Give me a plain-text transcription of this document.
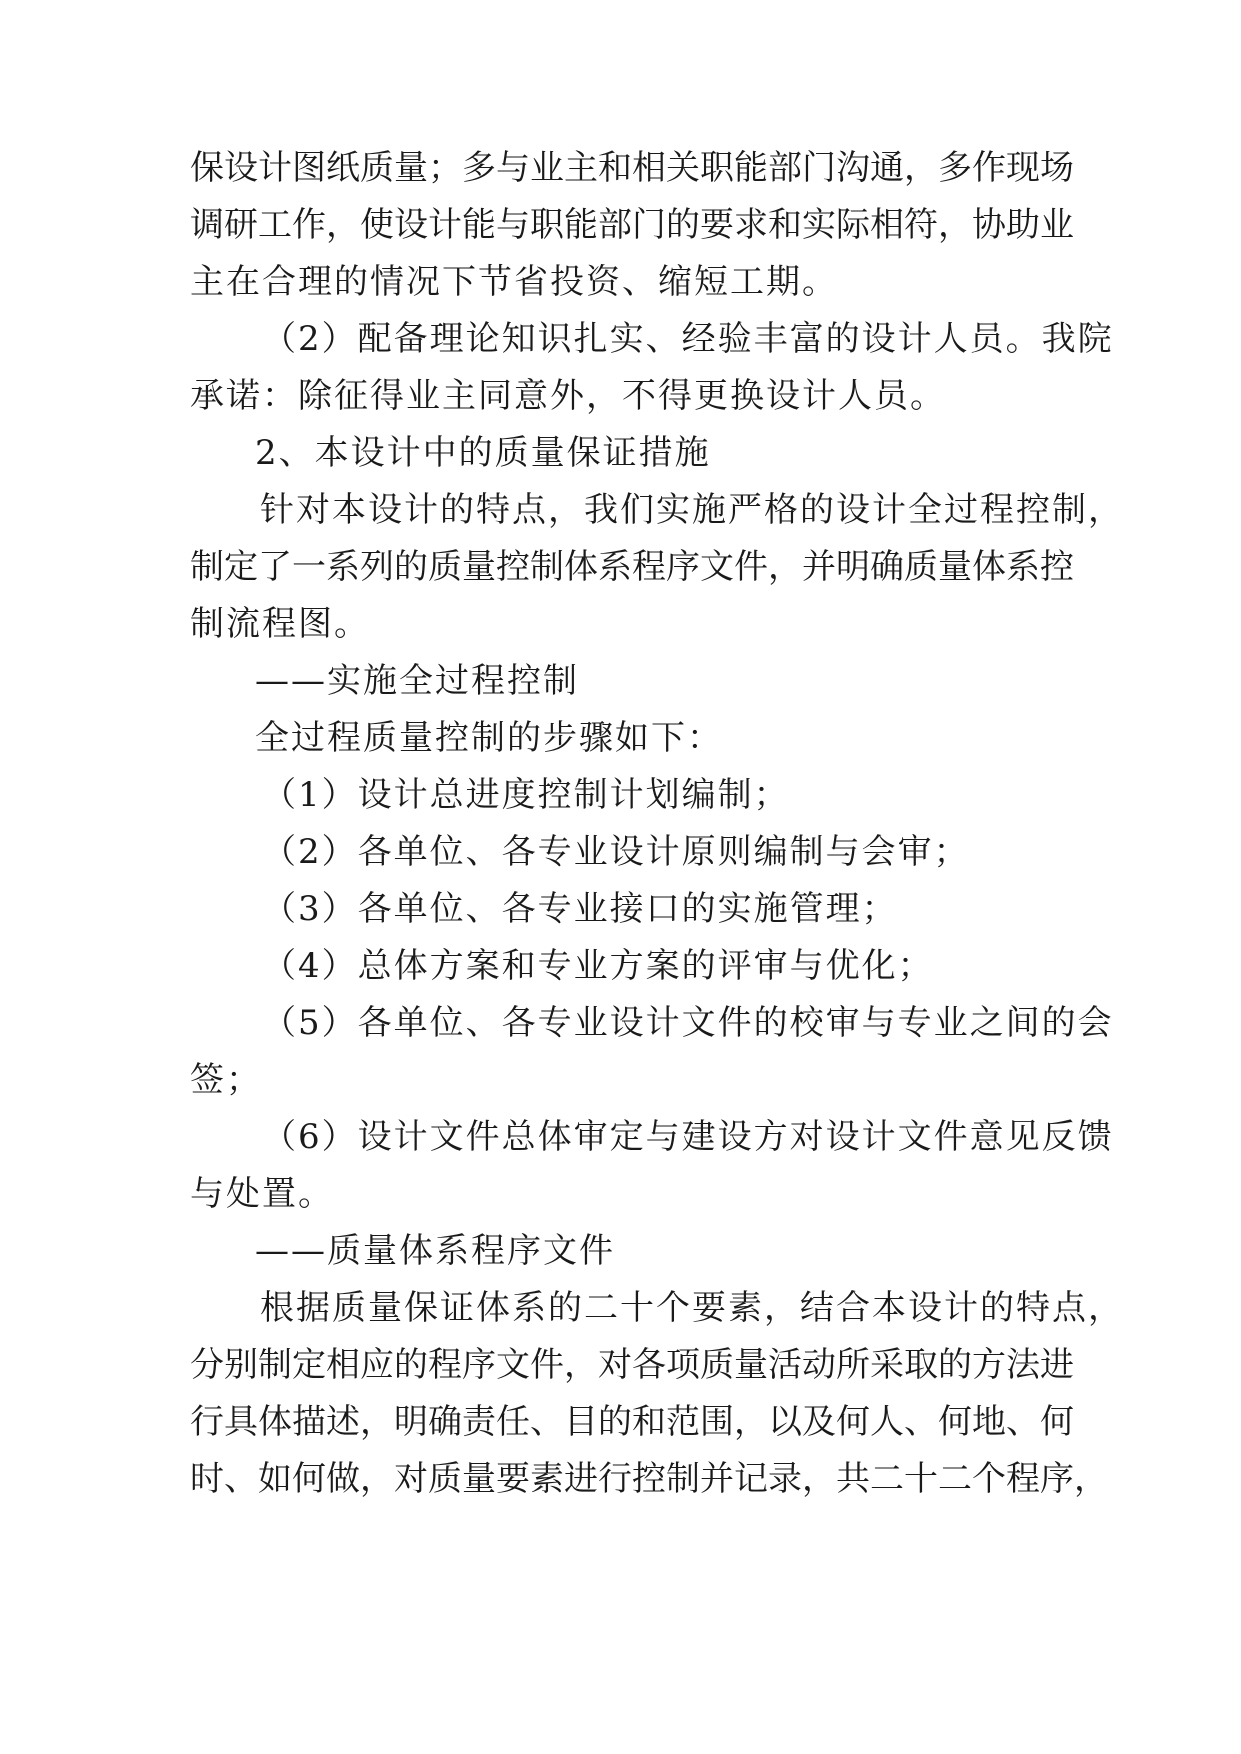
保设计图纸质量；多与业主和相关职能部门沟通，多作现场
调研工作，使设计能与职能部门的要求和实际相符，协助业
主在合理的情况下节省投资、缩短工期。
（2）配备理论知识扎实、经验丰富的设计人员。我院
承诺：除征得业主同意外，不得更换设计人员。
2、本设计中的质量保证措施
针对本设计的特点，我们实施严格的设计全过程控制，
制定了一系列的质量控制体系程序文件，并明确质量体系控
制流程图。
——实施全过程控制
全过程质量控制的步骤如下：
（1）设计总进度控制计划编制；
（2）各单位、各专业设计原则编制与会审；
（3）各单位、各专业接口的实施管理；
（4）总体方案和专业方案的评审与优化；
（5）各单位、各专业设计文件的校审与专业之间的会
签；
（6）设计文件总体审定与建设方对设计文件意见反馈
与处置。
——质量体系程序文件
根据质量保证体系的二十个要素，结合本设计的特点，
分别制定相应的程序文件，对各项质量活动所采取的方法进
行具体描述，明确责任、目的和范围，以及何人、何地、何
时、如何做，对质量要素进行控制并记录，共二十二个程序，
